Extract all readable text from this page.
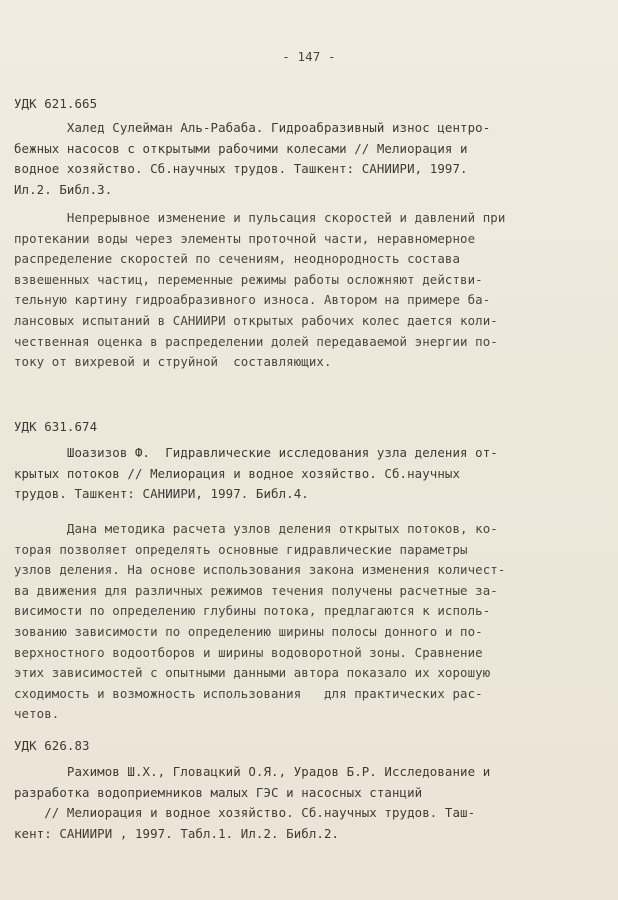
- 147 -
УДК 621.665
Халед Сулейман Аль-Рабаба. Гидроабразивный износ центро-
бежных насосов с открытыми рабочими колесами // Мелиорация и
водное хозяйство. Сб.научных трудов. Ташкент: САНИИРИ, 1997.
Ил.2. Библ.3.
Непрерывное изменение и пульсация скоростей и давлений при
протекании воды через элементы проточной части, неравномерное
распределение скоростей по сечениям, неоднородность состава
взвешенных частиц, переменные режимы работы осложняют действи-
тельную картину гидроабразивного износа. Автором на примере ба-
лансовых испытаний в САНИИРИ открытых рабочих колес дается коли-
чественная оценка в распределении долей передаваемой энергии по-
току от вихревой и струйной  составляющих.
УДК 631.674
Шоазизов Ф.  Гидравлические исследования узла деления от-
крытых потоков // Мелиорация и водное хозяйство. Сб.научных
трудов. Ташкент: САНИИРИ, 1997. Библ.4.
Дана методика расчета узлов деления открытых потоков, ко-
торая позволяет определять основные гидравлические параметры
узлов деления. На основе использования закона изменения количест-
ва движения для различных режимов течения получены расчетные за-
висимости по определению глубины потока, предлагаются к исполь-
зованию зависимости по определению ширины полосы донного и по-
верхностного водоотборов и ширины водоворотной зоны. Сравнение
этих зависимостей с опытными данными автора показало их хорошую
сходимость и возможность использования   для практических рас-
четов.
УДК 626.83
Рахимов Ш.Х., Гловацкий О.Я., Урадов Б.Р. Исследование и
разработка водоприемников малых ГЭС и насосных станций
// Мелиорация и водное хозяйство. Сб.научных трудов. Таш-
кент: САНИИРИ , 1997. Табл.1. Ил.2. Библ.2.
